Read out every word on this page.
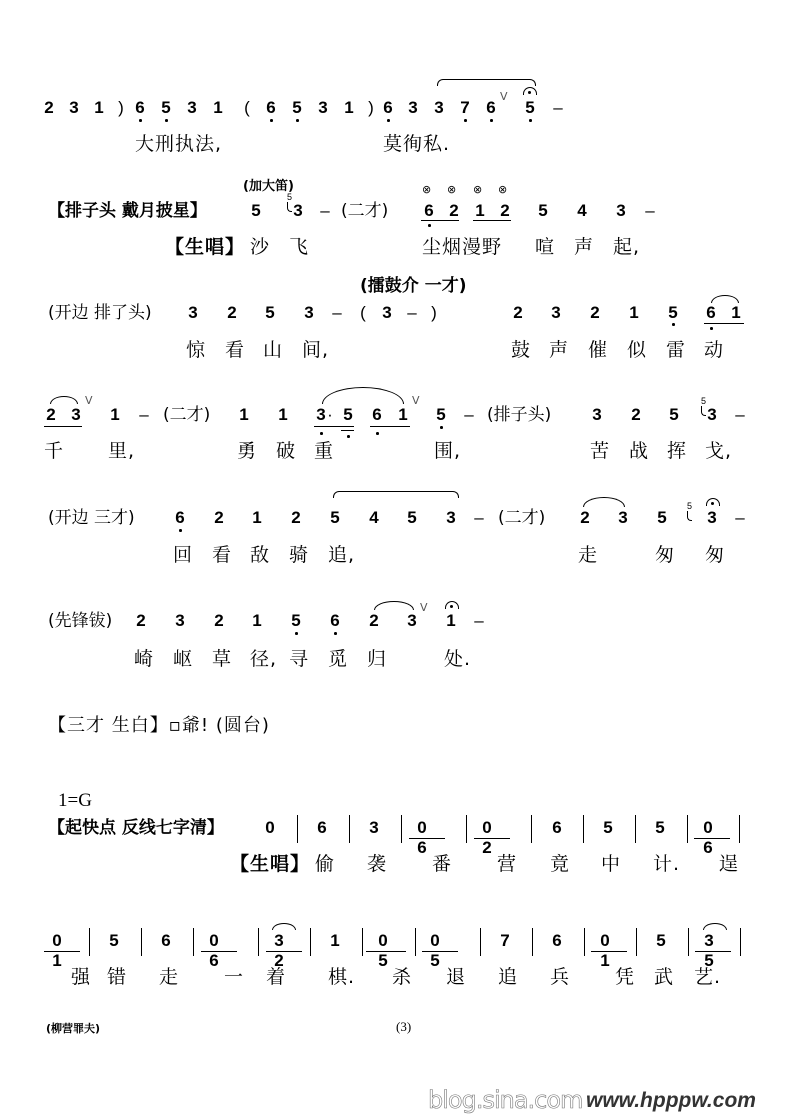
2 3 1 ) 6 5 3 1 ( 6 5 3 1 ) 6 3 3 7 6
V
5 –
大刑执法,	莫徇私.
(加大笛)
【排子头 戴月披星】	5
5
3 – (二才)
⊗ ⊗ ⊗ ⊗
6 2 1 2 5 4 3 –
【生唱】 沙 飞	尘烟漫野 喧 声 起,
(擂鼓介 一才)
(开边 排了头) 3 2 5 3 – ( 3 – )	2 3 2 1 5 6 1
惊 看 山 间,	鼓 声 催 似 雷 动
2 3
V
1 – (二才) 1 1 3 · 5 6 1
V
5 – (排子头) 3 2 5
5
3 –
千 里,	勇 破 重	围,	苦 战 挥 戈,
(开边 三才) 6 2 1 2 5 4 5 3 – (二才) 2 3 5
5
3 –
回 看 敌 骑 追,	走	匆 匆
(先锋钹) 2 3 2 1 5 6 2 3
V
1 –
崎 岖 草 径, 寻 觅 归	处.
【三才 生白】▫爺! (圆台)
1=G
【起快点 反线七字清】 0	6	3	0 6
0 2
6 5	5	0 6
【生唱】 偷 袭 番 营 竟 中 计. 逞
0 1
5	6	0 6
3 2
1	0 5
0 5
7	6	0 1
5	3 5
强 错 走 一 着 棋. 杀 退 追 兵 凭 武 艺.
(柳营罪夫)	(3)
blog.sina.com www.hpppw.com
